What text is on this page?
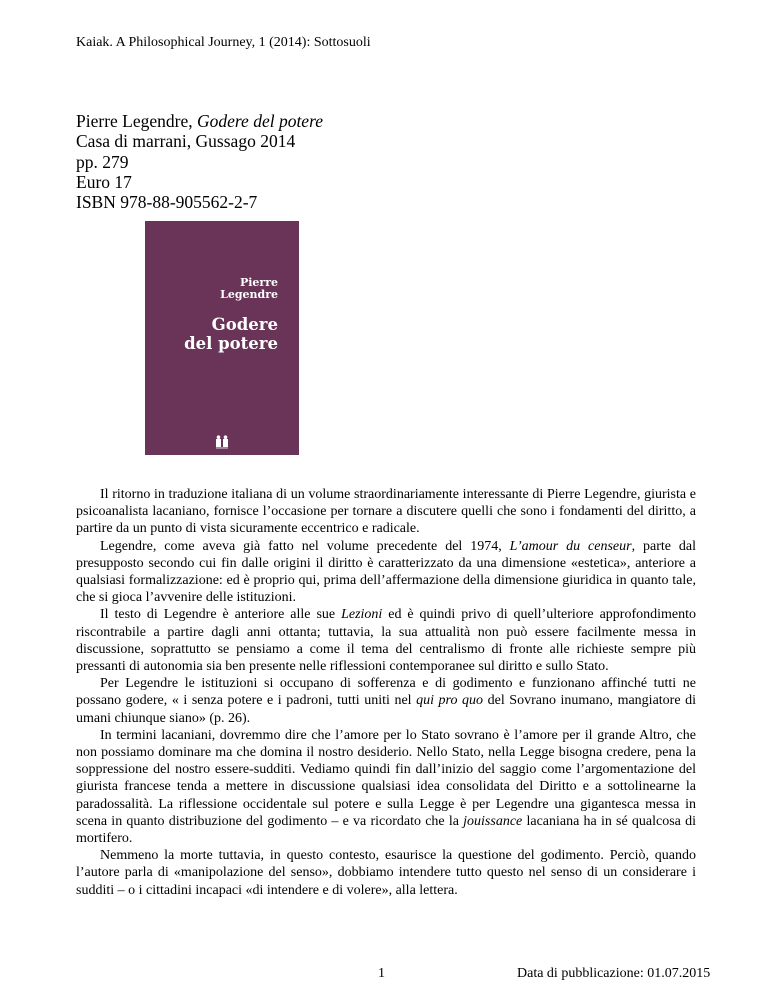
Kaiak. A Philosophical Journey, 1 (2014): Sottosuoli
Pierre Legendre, Godere del potere
Casa di marrani, Gussago 2014
pp. 279
Euro 17
ISBN 978-88-905562-2-7
Pierre
Legendre
Godere
del potere

Il ritorno in traduzione italiana di un volume straordinariamente interessante di Pierre Legendre, giurista e psicoanalista lacaniano, fornisce l’occasione per tornare a discutere quelli che sono i fondamenti del diritto, a partire da un punto di vista sicuramente eccentrico e radicale.

Legendre, come aveva già fatto nel volume precedente del 1974, L’amour du censeur, parte dal presupposto secondo cui fin dalle origini il diritto è caratterizzato da una dimensione «estetica», anteriore a qualsiasi formalizzazione: ed è proprio qui, prima dell’affermazione della dimensione giuridica in quanto tale, che si gioca l’avvenire delle istituzioni.

Il testo di Legendre è anteriore alle sue Lezioni ed è quindi privo di quell’ulteriore approfondimento riscontrabile a partire dagli anni ottanta; tuttavia, la sua attualità non può essere facilmente messa in discussione, soprattutto se pensiamo a come il tema del centralismo di fronte alle richieste sempre più pressanti di autonomia sia ben presente nelle riflessioni contemporanee sul diritto e sullo Stato.

Per Legendre le istituzioni si occupano di sofferenza e di godimento e funzionano affinché tutti ne possano godere, « i senza potere e i padroni, tutti uniti nel qui pro quo del Sovrano inumano, mangiatore di umani chiunque siano» (p. 26).

In termini lacaniani, dovremmo dire che l’amore per lo Stato sovrano è l’amore per il grande Altro, che non possiamo dominare ma che domina il nostro desiderio. Nello Stato, nella Legge bisogna credere, pena la soppressione del nostro essere-sudditi. Vediamo quindi fin dall’inizio del saggio come l’argomentazione del giurista francese tenda a mettere in discussione qualsiasi idea consolidata del Diritto e a sottolinearne la paradossalità. La riflessione occidentale sul potere e sulla Legge è per Legendre una gigantesca messa in scena in quanto distribuzione del godimento – e va ricordato che la jouissance lacaniana ha in sé qualcosa di mortifero.

Nemmeno la morte tuttavia, in questo contesto, esaurisce la questione del godimento. Perciò, quando l’autore parla di «manipolazione del senso», dobbiamo intendere tutto questo nel senso di un considerare i sudditi – o i cittadini incapaci «di intendere e di volere», alla lettera.

1	Data di pubblicazione: 01.07.2015
